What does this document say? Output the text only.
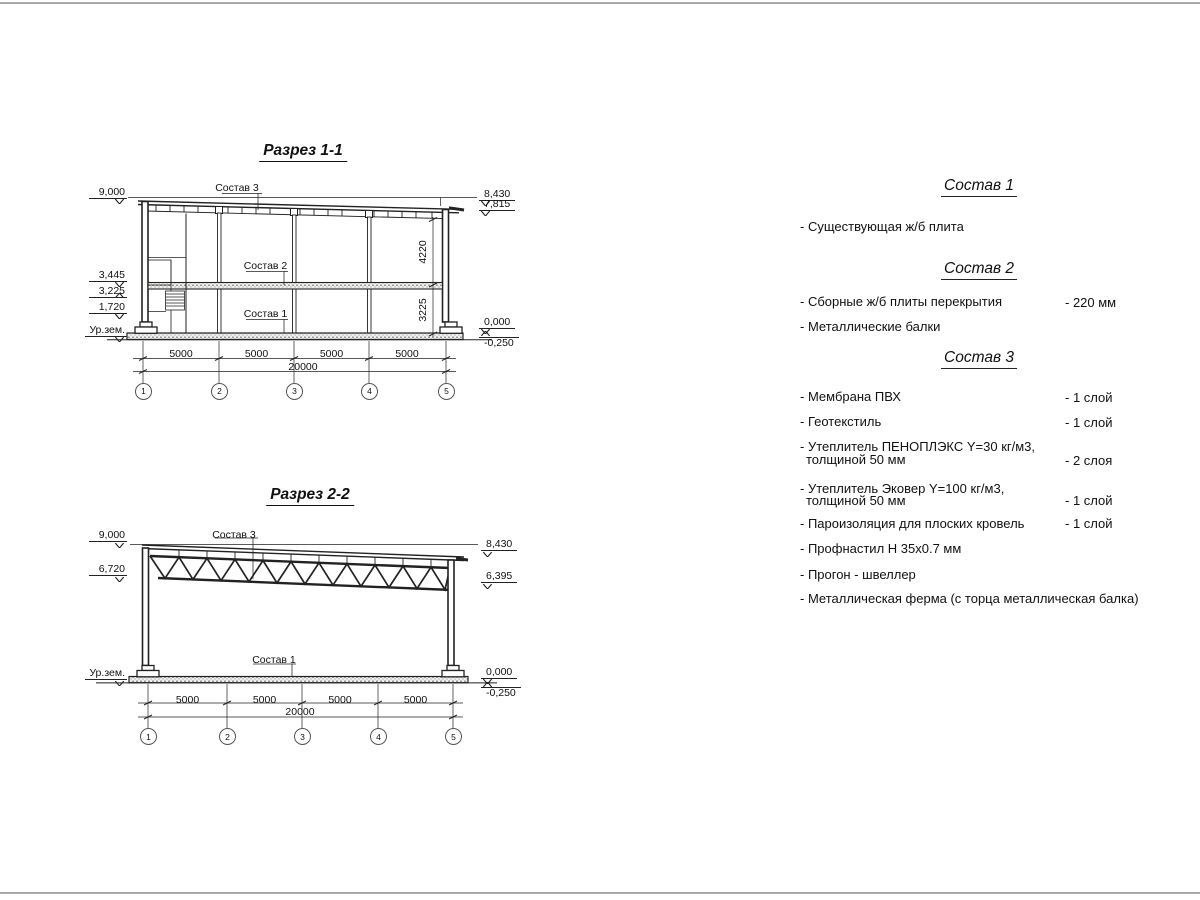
Разрез 1-1
Состав 3
Состав 2
Состав 1
9,000
3,445
3,225
1,720
Ур.зем.
8,430
7,815
0,000
-0,250
5000	5000	5000	5000
20000
4220
3225
1	2	3	4	5
Разрез 2-2
Состав 3
Состав 1
9,000
6,720
Ур.зем.
8,430
6,395
0,000
-0,250
5000	5000	5000	5000
20000
1	2	3	4	5
Состав 1
- Существующая ж/б плита
Состав 2
- Сборные ж/б плиты перекрытия	- 220 мм
- Металлические балки
Состав 3
- Мембрана ПВХ	- 1 слой
- Геотекстиль	- 1 слой
- Утеплитель ПЕНОПЛЭКС Y=30 кг/м3,
толщиной 50 мм	- 2 слоя
- Утеплитель Эковер Y=100 кг/м3,
толщиной 50 мм	- 1 слой
- Пароизоляция для плоских кровель	- 1 слой
- Профнастил Н 35х0.7 мм
- Прогон - швеллер
- Металлическая ферма (с торца металлическая балка)
